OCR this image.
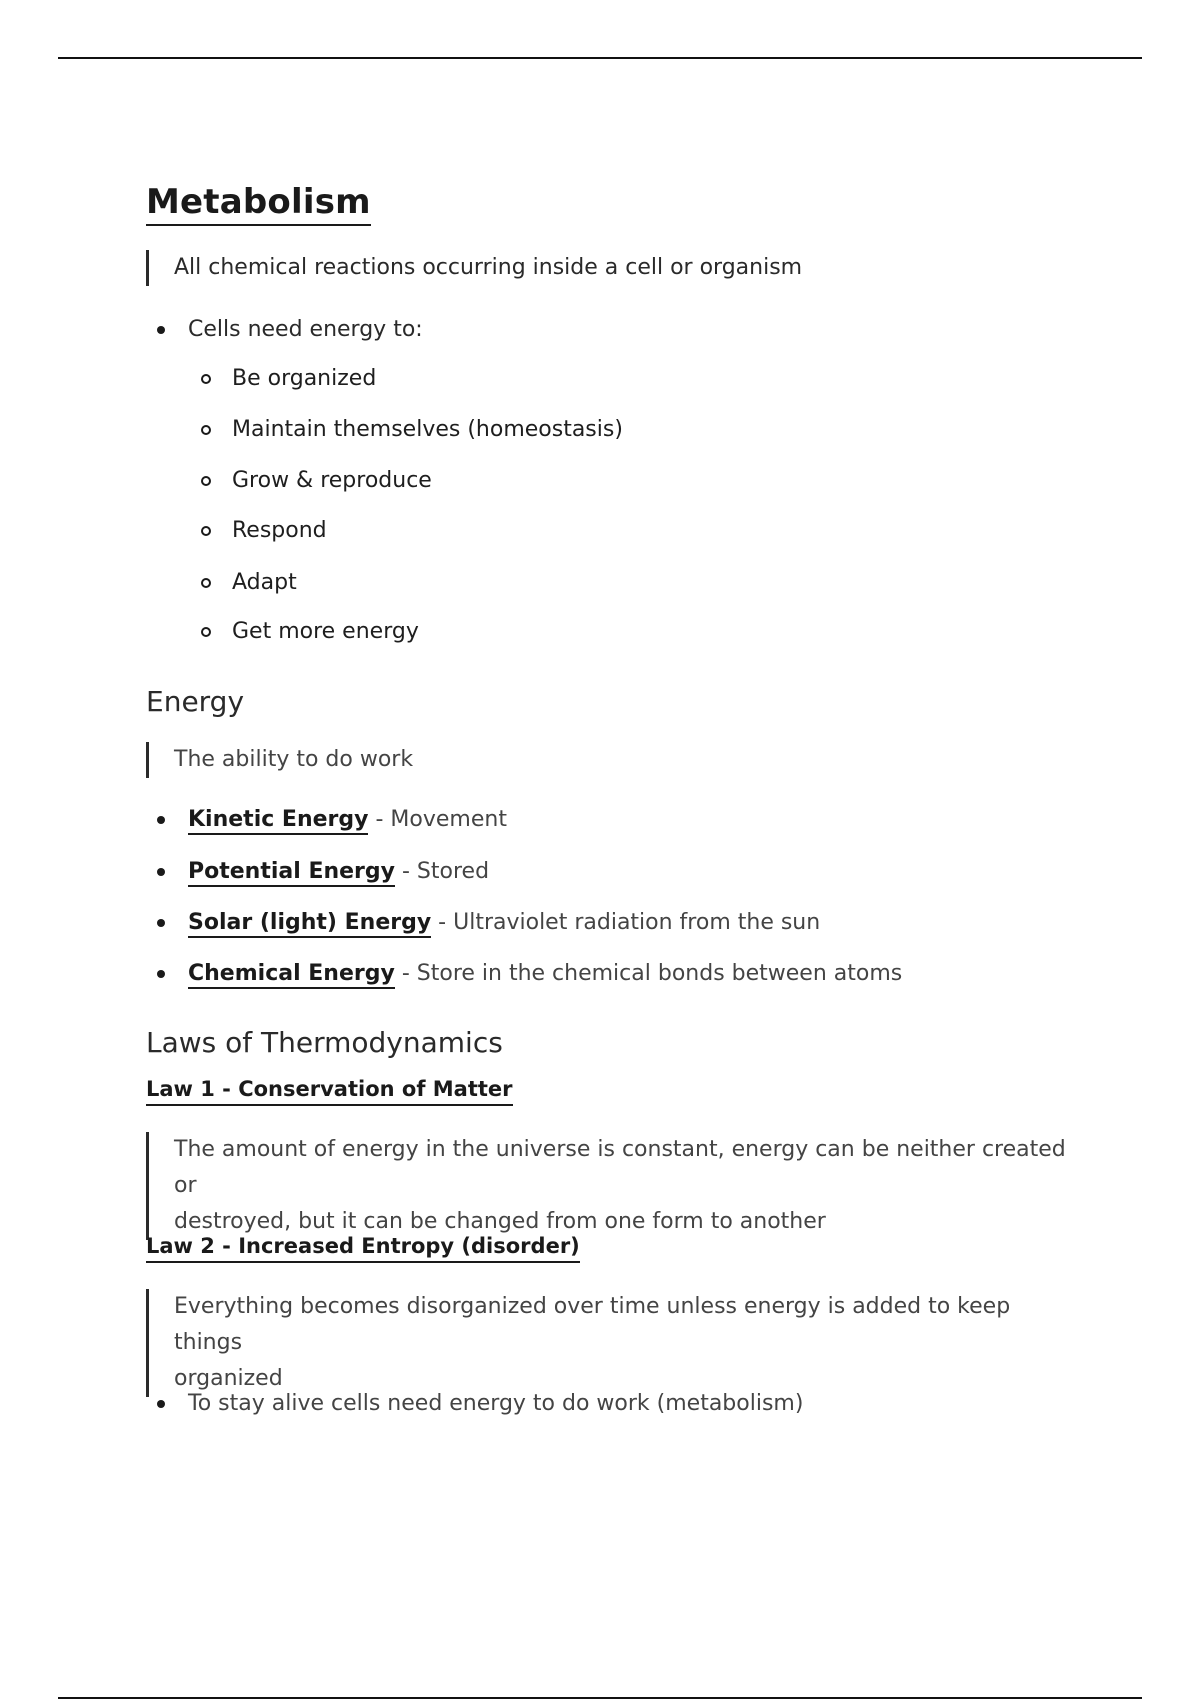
Metabolism
All chemical reactions occurring inside a cell or organism
Cells need energy to:
Be organized
Maintain themselves (homeostasis)
Grow & reproduce
Respond
Adapt
Get more energy
Energy
The ability to do work
Kinetic Energy - Movement
Potential Energy - Stored
Solar (light) Energy - Ultraviolet radiation from the sun
Chemical Energy - Store in the chemical bonds between atoms
Laws of Thermodynamics
Law 1 - Conservation of Matter
The amount of energy in the universe is constant, energy can be neither created or
destroyed, but it can be changed from one form to another
Law 2 - Increased Entropy (disorder)
Everything becomes disorganized over time unless energy is added to keep things
organized
To stay alive cells need energy to do work (metabolism)
